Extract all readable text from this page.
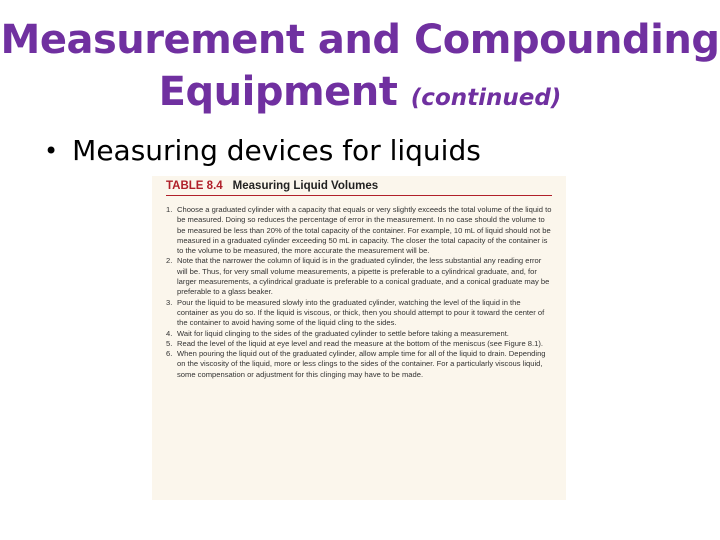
Measurement and Compounding
Equipment (continued)
• Measuring devices for liquids
TABLE 8.4 Measuring Liquid Volumes
1. Choose a graduated cylinder with a capacity that equals or very slightly exceeds the total volume of the liquid to be measured. Doing so reduces the percentage of error in the measurement. In no case should the volume to be measured be less than 20% of the total capacity of the container. For example, 10 mL of liquid should not be measured in a graduated cylinder exceeding 50 mL in capacity. The closer the total capacity of the container is to the volume to be measured, the more accurate the measurement will be.
2. Note that the narrower the column of liquid is in the graduated cylinder, the less substantial any reading error will be. Thus, for very small volume measurements, a pipette is preferable to a cylindrical graduate, and, for larger measurements, a cylindrical graduate is preferable to a conical graduate, and a conical graduate may be preferable to a glass beaker.
3. Pour the liquid to be measured slowly into the graduated cylinder, watching the level of the liquid in the container as you do so. If the liquid is viscous, or thick, then you should attempt to pour it toward the center of the container to avoid having some of the liquid cling to the sides.
4. Wait for liquid clinging to the sides of the graduated cylinder to settle before taking a measurement.
5. Read the level of the liquid at eye level and read the measure at the bottom of the meniscus (see Figure 8.1).
6. When pouring the liquid out of the graduated cylinder, allow ample time for all of the liquid to drain. Depending on the viscosity of the liquid, more or less clings to the sides of the container. For a particularly viscous liquid, some compensation or adjustment for this clinging may have to be made.
